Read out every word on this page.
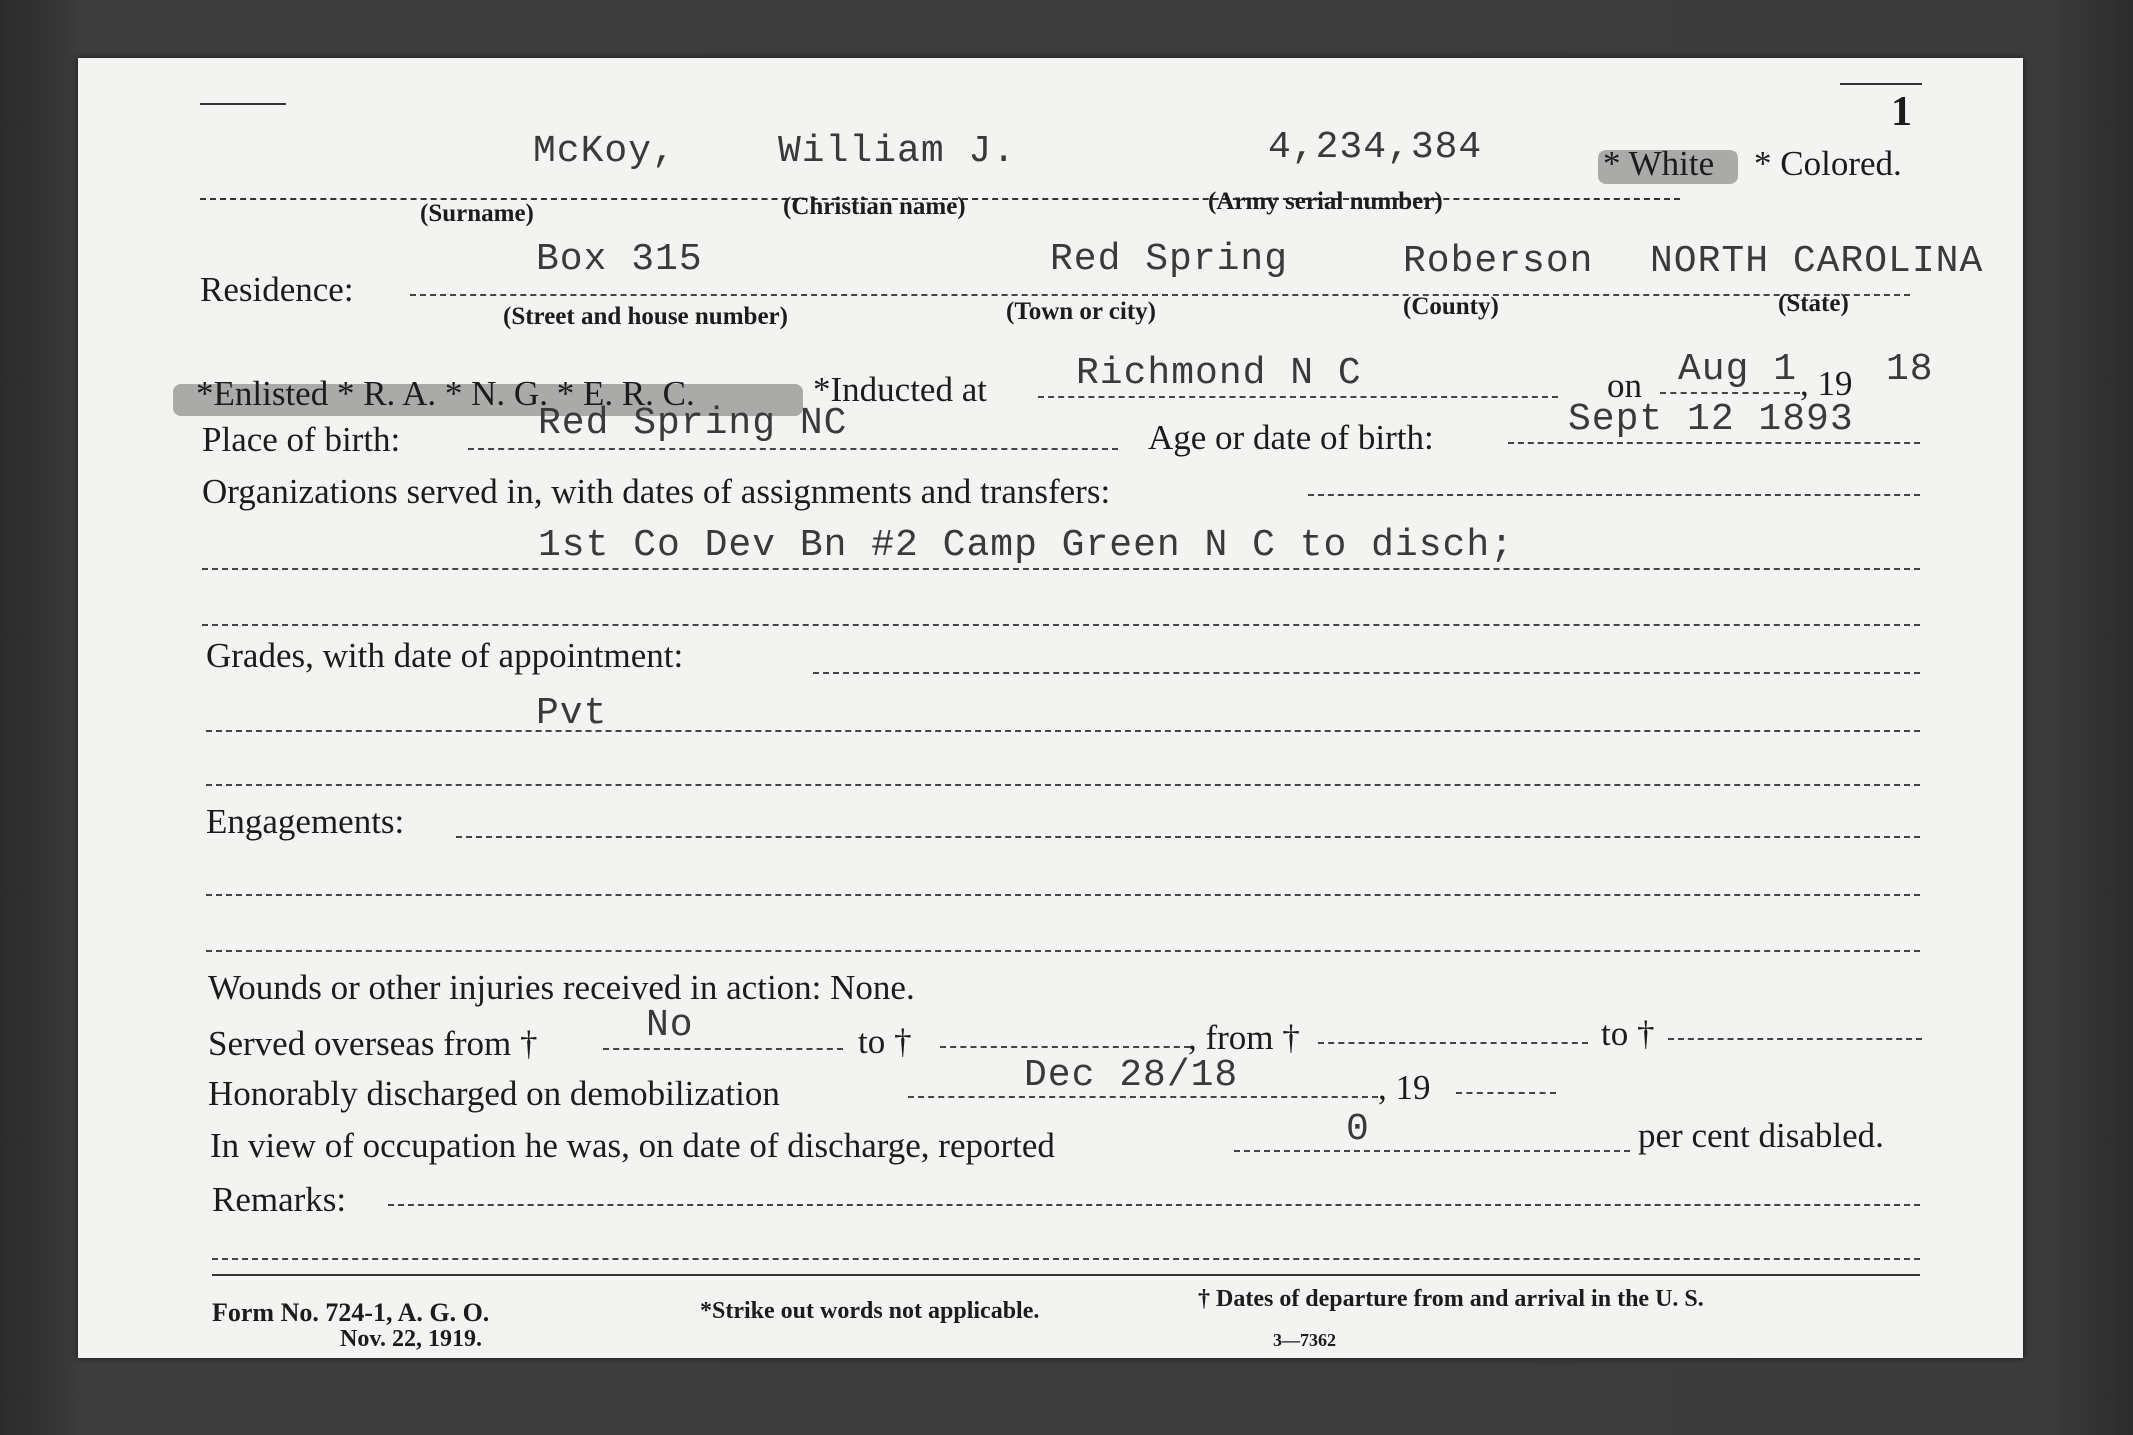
1
McKoy,	William J.	4,234,384	* White * Colored.
(Surname)	(Christian name)	(Army serial number)
Residence:
Box 315	Red Spring	Roberson NORTH CAROLINA
(Street and house number)	(Town or city)	(County)	(State)
*Enlisted * R. A. * N. G. * E. R. C.	*Inducted at Richmond N C	on Aug 1 , 19 18
Place of birth:	Red Spring NC	Age or date of birth:	Sept 12 1893
Organizations served in, with dates of assignments and transfers:
1st Co Dev Bn #2 Camp Green N C to disch;
Grades, with date of appointment:
Pvt
Engagements:
Wounds or other injuries received in action: None.
Served overseas from †	No	to †	, from †	to †
Honorably discharged on demobilization	Dec 28/18	, 19
In view of occupation he was, on date of discharge, reported	0	per cent disabled.
Remarks:
Form No. 724-1, A. G. O.
Nov. 22, 1919.
*Strike out words not applicable.	† Dates of departure from and arrival in the U. S.
3—7362
